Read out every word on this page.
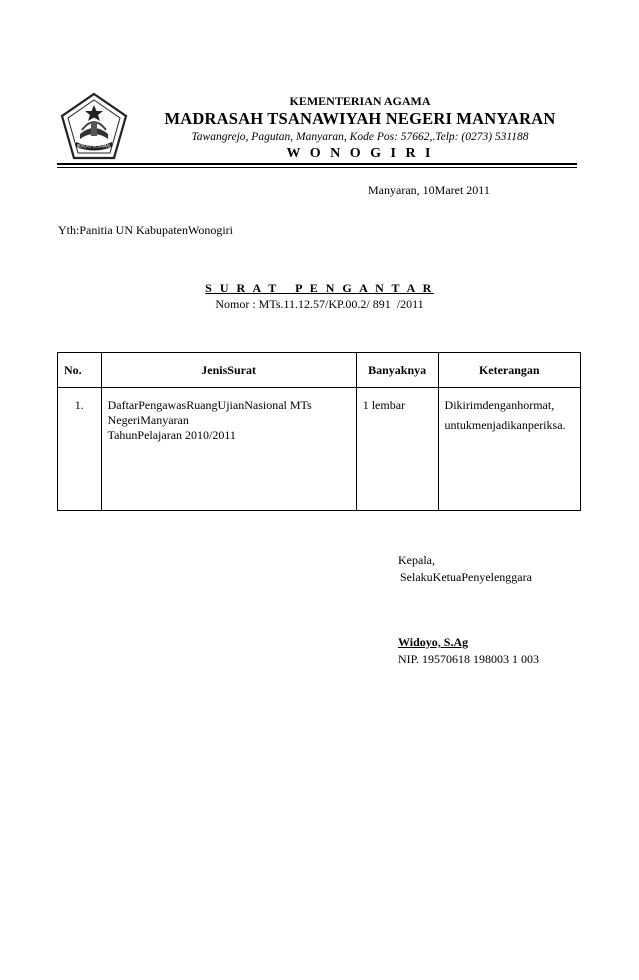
IKHLAS BERAMAL
KEMENTERIAN AGAMA
MADRASAH TSANAWIYAH NEGERI MANYARAN
Tawangrejo, Pagutan, Manyaran, Kode Pos: 57662,.Telp: (0273) 531188
W O N O G I R I
Manyaran, 10Maret 2011
Yth:Panitia UN KabupatenWonogiri
S U R A T   P E N G A N T A R
Nomor : MTs.11.12.57/KP.00.2/ 891  /2011
No.	JenisSurat	Banyaknya	Keterangan
1.	DaftarPengawasRuangUjianNasional MTs
NegeriManyaran
TahunPelajaran 2010/2011	1 lembar	Dikirimdenganhormat,
untukmenjadikanperiksa.
Kepala,
SelakuKetuaPenyelenggara
Widoyo, S.Ag
NIP. 19570618 198003 1 003
